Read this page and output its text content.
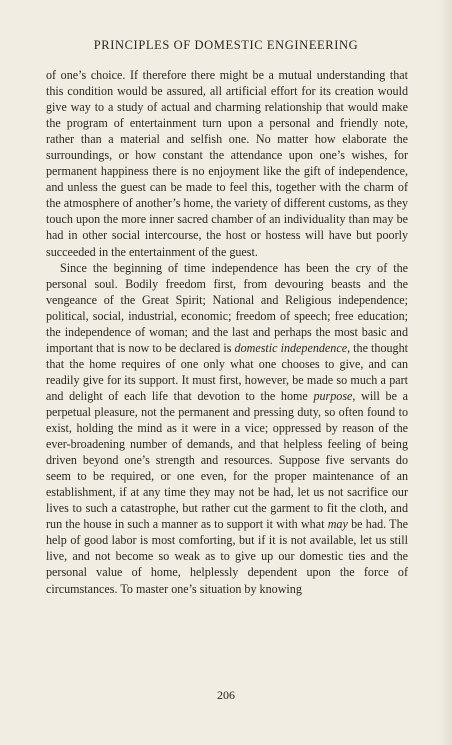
PRINCIPLES OF DOMESTIC ENGINEERING

of one’s choice. If therefore there might be a mutual understanding that this condition would be assured, all artificial effort for its creation would give way to a study of actual and charming relationship that would make the program of entertainment turn upon a personal and friendly note, rather than a material and selfish one. No matter how elaborate the surroundings, or how constant the attendance upon one’s wishes, for permanent happiness there is no enjoyment like the gift of independence, and unless the guest can be made to feel this, together with the charm of the atmosphere of another’s home, the variety of different customs, as they touch upon the more inner sacred chamber of an individuality than may be had in other social intercourse, the host or hostess will have but poorly succeeded in the entertainment of the guest.

Since the beginning of time independence has been the cry of the personal soul. Bodily freedom first, from devouring beasts and the vengeance of the Great Spirit; National and Religious independence; political, social, industrial, economic; freedom of speech; free education; the independence of woman; and the last and perhaps the most basic and important that is now to be declared is domestic independence, the thought that the home requires of one only what one chooses to give, and can readily give for its support. It must first, however, be made so much a part and delight of each life that devotion to the home purpose, will be a perpetual pleasure, not the permanent and pressing duty, so often found to exist, holding the mind as it were in a vice; oppressed by reason of the ever-broadening number of demands, and that helpless feeling of being driven beyond one’s strength and resources. Suppose five servants do seem to be required, or one even, for the proper maintenance of an establishment, if at any time they may not be had, let us not sacrifice our lives to such a catastrophe, but rather cut the garment to fit the cloth, and run the house in such a manner as to support it with what may be had. The help of good labor is most comforting, but if it is not available, let us still live, and not become so weak as to give up our domestic ties and the personal value of home, helplessly dependent upon the force of circumstances. To master one’s situation by knowing

206
